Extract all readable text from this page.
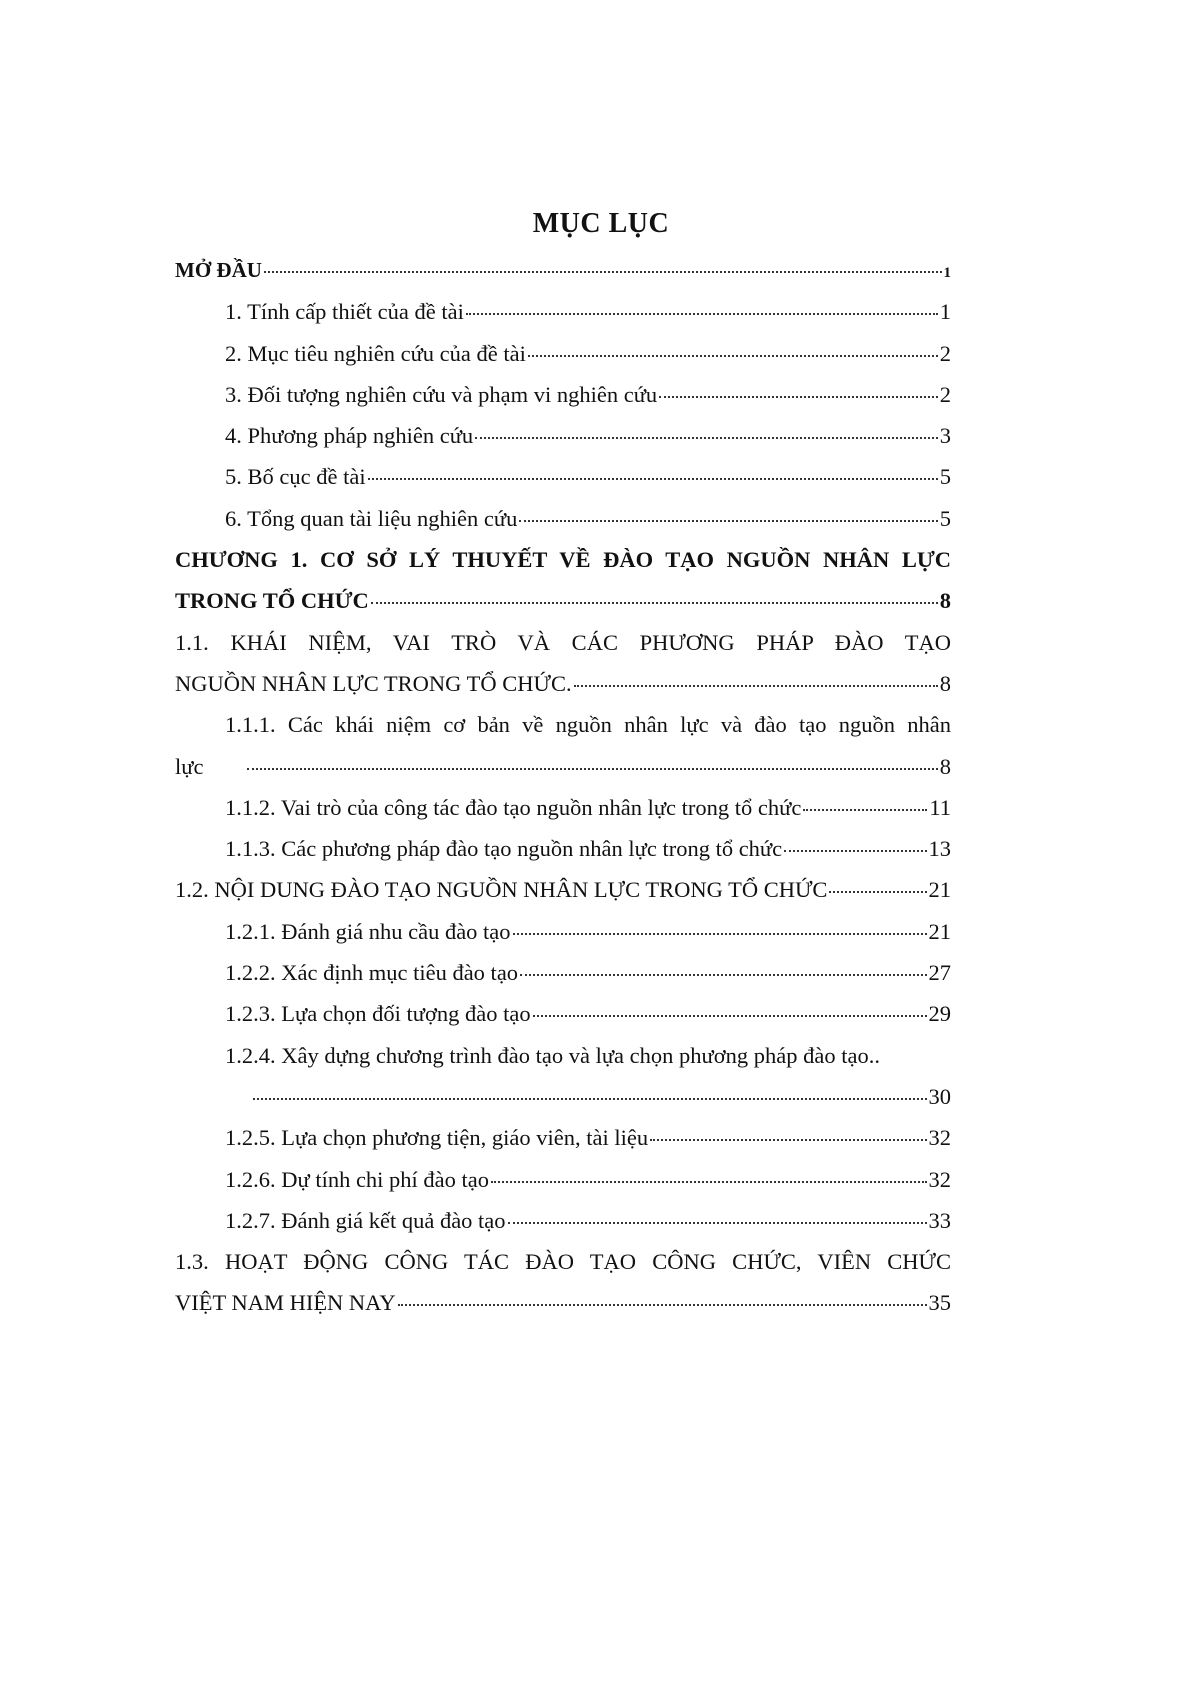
MỤC LỤC
MỞ ĐẦU	1
1. Tính cấp thiết của đề tài	1
2. Mục tiêu nghiên cứu của đề tài	2
3. Đối tượng nghiên cứu và phạm vi nghiên cứu	2
4. Phương pháp nghiên cứu	3
5. Bố cục đề tài	5
6. Tổng quan tài liệu nghiên cứu	5
CHƯƠNG 1. CƠ SỞ LÝ THUYẾT VỀ ĐÀO TẠO NGUỒN NHÂN LỰC
TRONG TỔ CHỨC	8
1.1. KHÁI NIỆM, VAI TRÒ VÀ CÁC PHƯƠNG PHÁP ĐÀO TẠO
NGUỒN NHÂN LỰC TRONG TỔ CHỨC.	8
1.1.1. Các khái niệm cơ bản về nguồn nhân lực và đào tạo nguồn nhân
lực	8
1.1.2. Vai trò của công tác đào tạo nguồn nhân lực trong tổ chức	11
1.1.3. Các phương pháp đào tạo nguồn nhân lực trong tổ chức	13
1.2. NỘI DUNG ĐÀO TẠO NGUỒN NHÂN LỰC TRONG TỔ CHỨC	21
1.2.1. Đánh giá nhu cầu đào tạo	21
1.2.2. Xác định mục tiêu đào tạo	27
1.2.3. Lựa chọn đối tượng đào tạo	29
1.2.4. Xây dựng chương trình đào tạo và lựa chọn phương pháp đào tạo..
30
1.2.5. Lựa chọn phương tiện, giáo viên, tài liệu	32
1.2.6. Dự tính chi phí đào tạo	32
1.2.7. Đánh giá kết quả đào tạo	33
1.3. HOẠT ĐỘNG CÔNG TÁC ĐÀO TẠO CÔNG CHỨC, VIÊN CHỨC
VIỆT NAM HIỆN NAY	35
